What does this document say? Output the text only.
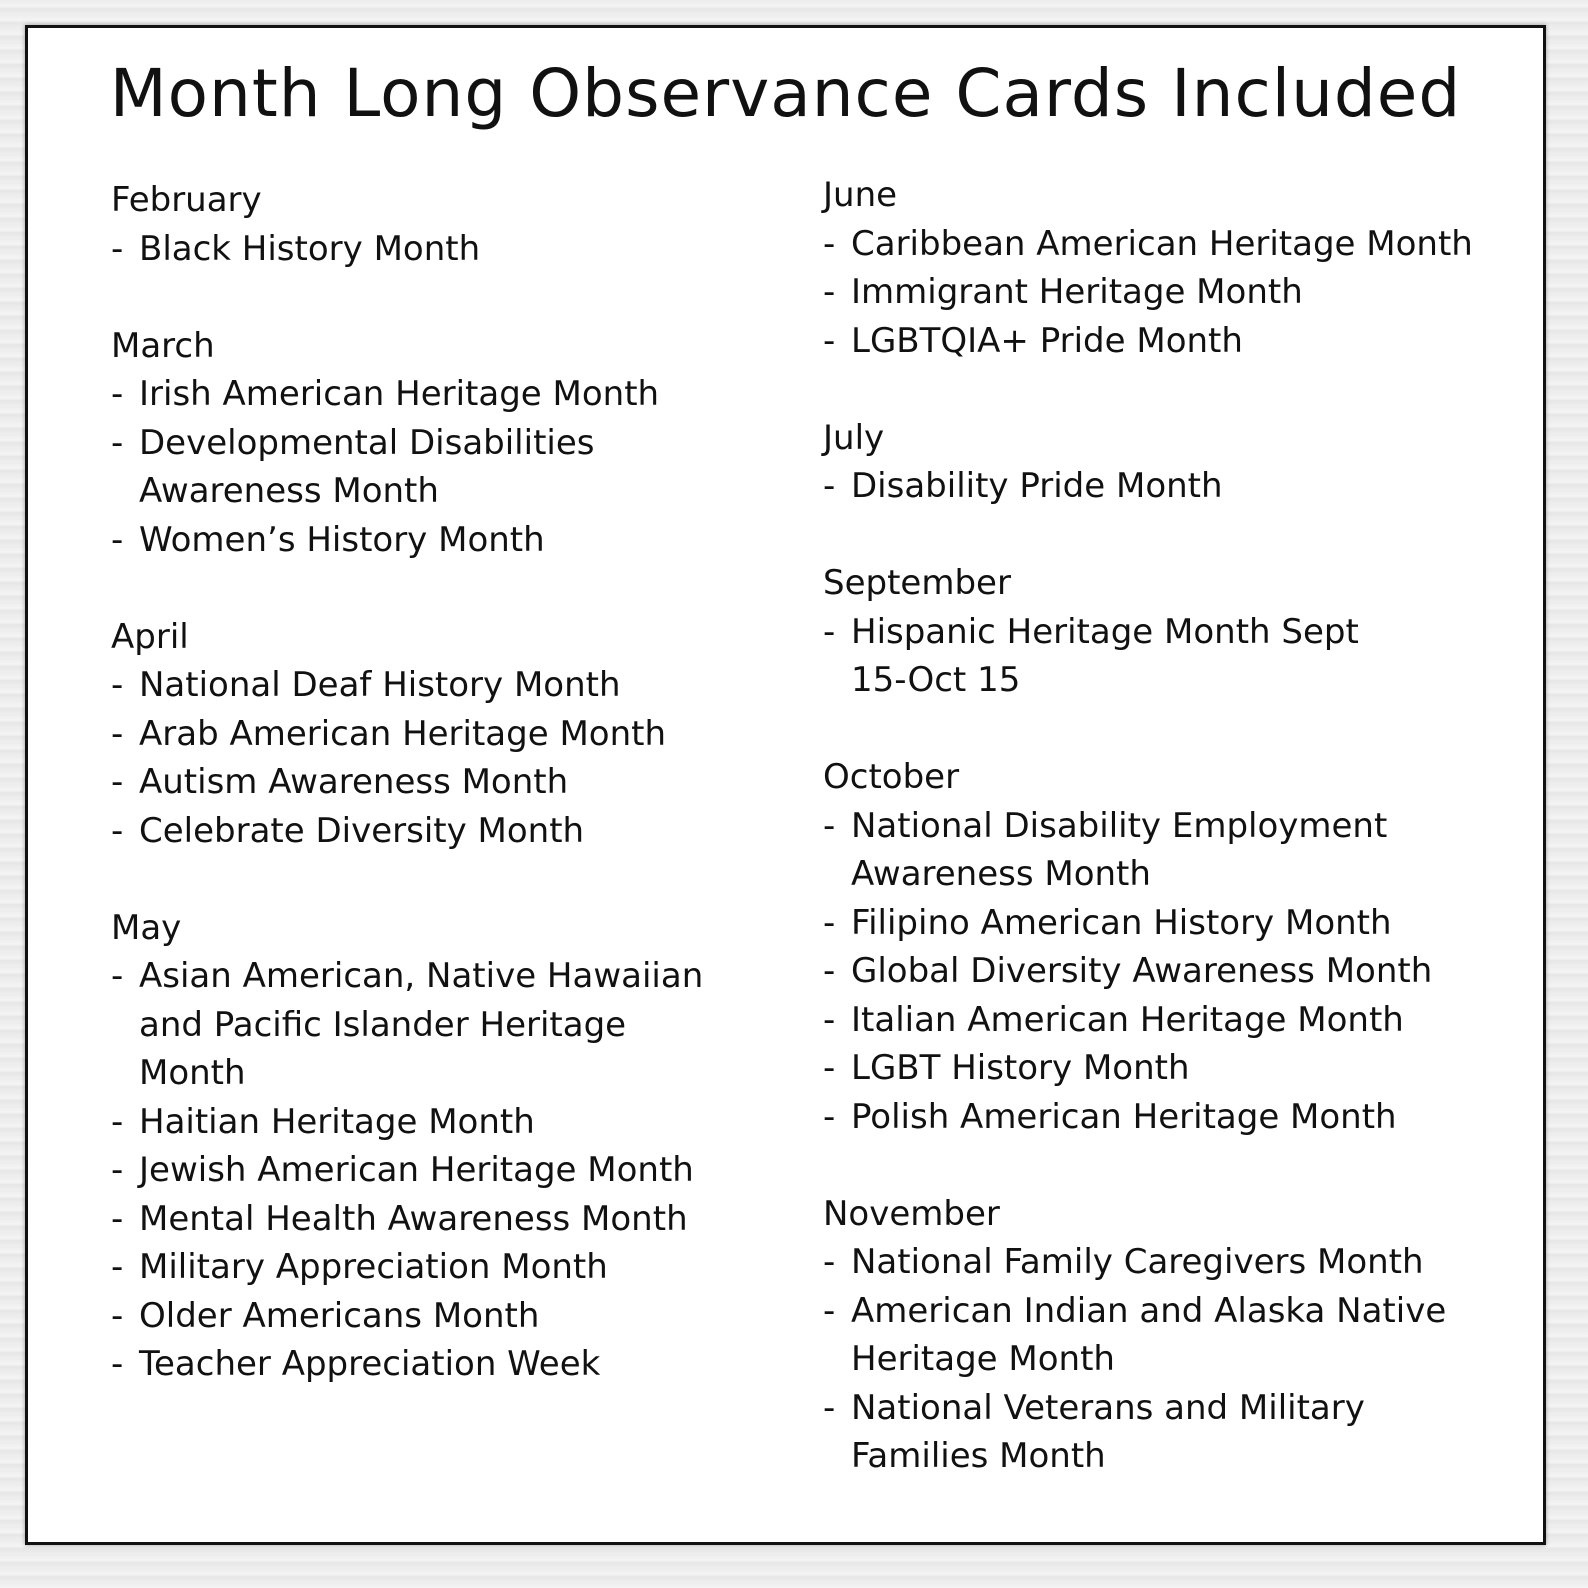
Month Long Observance Cards Included
February
- Black History Month
March
- Irish American Heritage Month
- Developmental Disabilities Awareness Month
- Women’s History Month
April
- National Deaf History Month
- Arab American Heritage Month
- Autism Awareness Month
- Celebrate Diversity Month
May
- Asian American, Native Hawaiian and Pacific Islander Heritage Month
- Haitian Heritage Month
- Jewish American Heritage Month
- Mental Health Awareness Month
- Military Appreciation Month
- Older Americans Month
- Teacher Appreciation Week
June
- Caribbean American Heritage Month
- Immigrant Heritage Month
- LGBTQIA+ Pride Month
July
- Disability Pride Month
September
- Hispanic Heritage Month Sept 15-Oct 15
October
- National Disability Employment Awareness Month
- Filipino American History Month
- Global Diversity Awareness Month
- Italian American Heritage Month
- LGBT History Month
- Polish American Heritage Month
November
- National Family Caregivers Month
- American Indian and Alaska Native Heritage Month
- National Veterans and Military Families Month
